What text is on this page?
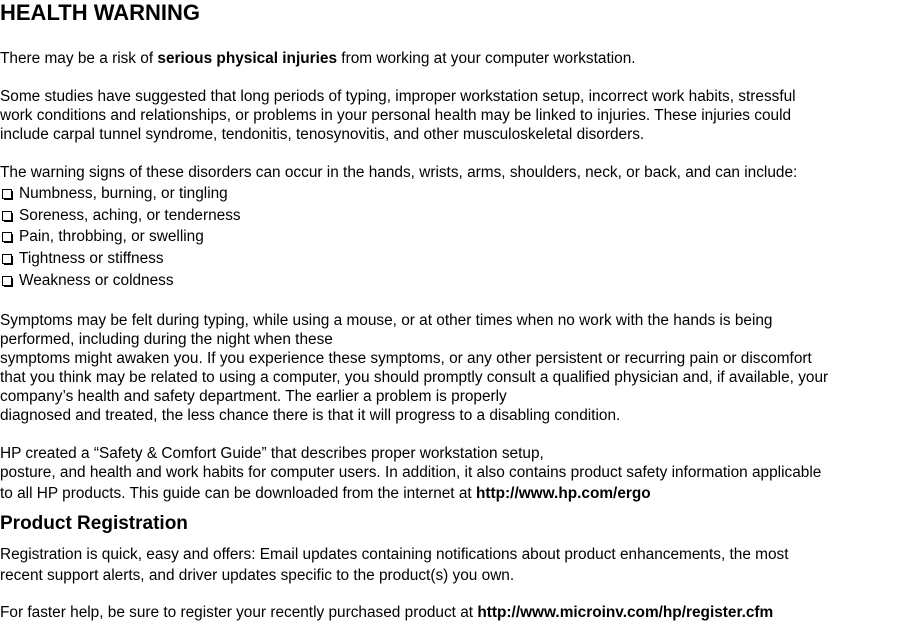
HEALTH WARNING
There may be a risk of serious physical injuries from working at your computer workstation.
Some studies have suggested that long periods of typing, improper workstation setup, incorrect work habits, stressful
work conditions and relationships, or problems in your personal health may be linked to injuries. These injuries could
include carpal tunnel syndrome, tendonitis, tenosynovitis, and other musculoskeletal disorders.
The warning signs of these disorders can occur in the hands, wrists, arms, shoulders, neck, or back, and can include:
Numbness, burning, or tingling
Soreness, aching, or tenderness
Pain, throbbing, or swelling
Tightness or stiffness
Weakness or coldness
Symptoms may be felt during typing, while using a mouse, or at other times when no work with the hands is being
performed, including during the night when these
symptoms might awaken you. If you experience these symptoms, or any other persistent or recurring pain or discomfort
that you think may be related to using a computer, you should promptly consult a qualified physician and, if available, your
company’s health and safety department. The earlier a problem is properly
diagnosed and treated, the less chance there is that it will progress to a disabling condition.
HP created a “Safety & Comfort Guide” that describes proper workstation setup,
posture, and health and work habits for computer users. In addition, it also contains product safety information applicable
to all HP products. This guide can be downloaded from the internet at http://www.hp.com/ergo
Product Registration
Registration is quick, easy and offers: Email updates containing notifications about product enhancements, the most
recent support alerts, and driver updates specific to the product(s) you own.
For faster help, be sure to register your recently purchased product at http://www.microinv.com/hp/register.cfm
